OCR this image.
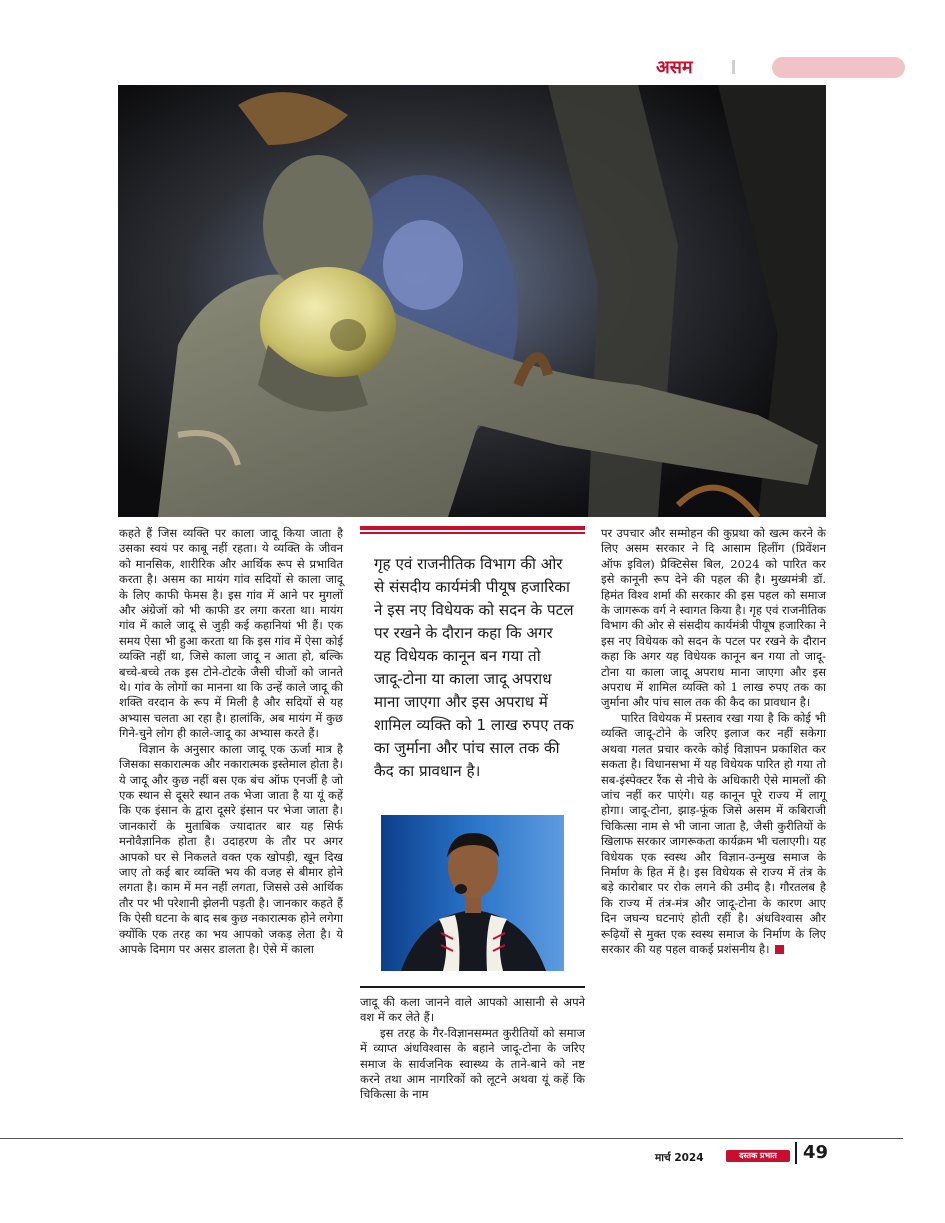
असम

कहते हैं जिस व्यक्ति पर काला जादू किया जाता है उसका स्वयं पर काबू नहीं रहता। ये व्यक्ति के जीवन को मानसिक, शारीरिक और आर्थिक रूप से प्रभावित करता है। असम का मायंग गांव सदियों से काला जादू के लिए काफी फेमस है। इस गांव में आने पर मुगलों और अंग्रेजों को भी काफी डर लगा करता था। मायंग गांव में काले जादू से जुड़ी कई कहानियां भी हैं। एक समय ऐसा भी हुआ करता था कि इस गांव में ऐसा कोई व्यक्ति नहीं था, जिसे काला जादू न आता हो, बल्कि बच्चे-बच्चे तक इस टोने-टोटके जैसी चीजों को जानते थे। गांव के लोगों का मानना था कि उन्हें काले जादू की शक्ति वरदान के रूप में मिली है और सदियों से यह अभ्यास चलता आ रहा है। हालांकि, अब मायंग में कुछ गिने-चुने लोग ही काले-जादू का अभ्यास करते हैं।

विज्ञान के अनुसार काला जादू एक ऊर्जा मात्र है जिसका सकारात्मक और नकारात्मक इस्तेमाल होता है। ये जादू और कुछ नहीं बस एक बंच ऑफ एनर्जी है जो एक स्थान से दूसरे स्थान तक भेजा जाता है या यूं कहें कि एक इंसान के द्वारा दूसरे इंसान पर भेजा जाता है। जानकारों के मुताबिक ज्यादातर बार यह सिर्फ मनोवैज्ञानिक होता है। उदाहरण के तौर पर अगर आपको घर से निकलते वक्त एक खोपड़ी, खून दिख जाए तो कई बार व्यक्ति भय की वजह से बीमार होने लगता है। काम में मन नहीं लगता, जिससे उसे आर्थिक तौर पर भी परेशानी झेलनी पड़ती है। जानकार कहते हैं कि ऐसी घटना के बाद सब कुछ नकारात्मक होने लगेगा क्योंकि एक तरह का भय आपको जकड़ लेता है। ये आपके दिमाग पर असर डालता है। ऐसे में काला

गृह एवं राजनीतिक विभाग की ओर से संसदीय कार्यमंत्री पीयूष हजारिका ने इस नए विधेयक को सदन के पटल पर रखने के दौरान कहा कि अगर यह विधेयक कानून बन गया तो जादू-टोना या काला जादू अपराध माना जाएगा और इस अपराध में शामिल व्यक्ति को 1 लाख रुपए तक का जुर्माना और पांच साल तक की कैद का प्रावधान है।

जादू की कला जानने वाले आपको आसानी से अपने वश में कर लेते हैं।

इस तरह के गैर-विज्ञानसम्मत कुरीतियों को समाज में व्याप्त अंधविश्वास के बहाने जादू-टोना के जरिए समाज के सार्वजनिक स्वास्थ्य के ताने-बाने को नष्ट करने तथा आम नागरिकों को लूटने अथवा यूं कहें कि चिकित्सा के नाम

पर उपचार और सम्मोहन की कुप्रथा को खत्म करने के लिए असम सरकार ने दि आसाम हिलींग (प्रिवेंशन ऑफ इविल) प्रैक्टिसेस बिल, 2024 को पारित कर इसे कानूनी रूप देने की पहल की है। मुख्यमंत्री डॉ. हिमंत विश्व शर्मा की सरकार की इस पहल को समाज के जागरूक वर्ग ने स्वागत किया है। गृह एवं राजनीतिक विभाग की ओर से संसदीय कार्यमंत्री पीयूष हजारिका ने इस नए विधेयक को सदन के पटल पर रखने के दौरान कहा कि अगर यह विधेयक कानून बन गया तो जादू-टोना या काला जादू अपराध माना जाएगा और इस अपराध में शामिल व्यक्ति को 1 लाख रुपए तक का जुर्माना और पांच साल तक की कैद का प्रावधान है।

पारित विधेयक में प्रस्ताव रखा गया है कि कोई भी व्यक्ति जादू-टोने के जरिए इलाज कर नहीं सकेगा अथवा गलत प्रचार करके कोई विज्ञापन प्रकाशित कर सकता है। विधानसभा में यह विधेयक पारित हो गया तो सब-इंस्पेक्टर रैंक से नीचे के अधिकारी ऐसे मामलों की जांच नहीं कर पाएंगे। यह कानून पूरे राज्य में लागू होगा। जादू-टोना, झाड़-फूंक जिसे असम में कबिराजी चिकित्सा नाम से भी जाना जाता है, जैसी कुरीतियों के खिलाफ सरकार जागरूकता कार्यक्रम भी चलाएगी। यह विधेयक एक स्वस्थ और विज्ञान-उन्मुख समाज के निर्माण के हित में है। इस विधेयक से राज्य में तंत्र के बड़े कारोबार पर रोक लगने की उमीद है। गौरतलब है कि राज्य में तंत्र-मंत्र और जादू-टोना के कारण आए दिन जघन्य घटनाएं होती रहीं है। अंधविश्वास और रूढ़ियों से मुक्त एक स्वस्थ समाज के निर्माण के लिए सरकार की यह पहल वाकई प्रशंसनीय है।

मार्च 2024	दस्तक प्रभात	49
